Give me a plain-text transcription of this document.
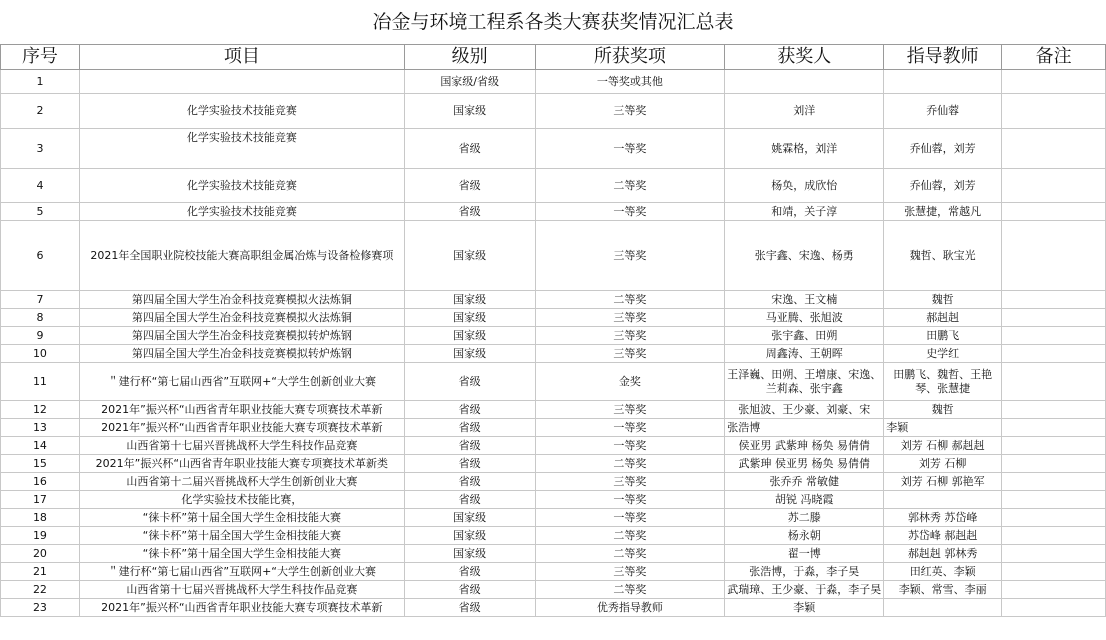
冶金与环境工程系各类大赛获奖情况汇总表
序号	项目	级别	所获奖项	获奖人	指导教师	备注
1		国家级/省级	一等奖或其他			
2	化学实验技术技能竞赛	国家级	三等奖	刘洋	乔仙蓉	
3	化学实验技术技能竞赛	省级	一等奖	姚霖格，刘洋	乔仙蓉，刘芳	
4	化学实验技术技能竞赛	省级	二等奖	杨奂，成欣怡	乔仙蓉，刘芳	
5	化学实验技术技能竞赛	省级	一等奖	和靖，关子淳	张慧捷，常越凡	
6	2021年全国职业院校技能大赛高职组金属冶炼与设备检修赛项	国家级	三等奖	张宇鑫、宋逸、杨勇	魏哲、耿宝光	
7	第四届全国大学生冶金科技竞赛模拟火法炼铜	国家级	二等奖	宋逸、王文楠	魏哲	
8	第四届全国大学生冶金科技竞赛模拟火法炼铜	国家级	三等奖	马亚腾、张旭波	郝赳赳	
9	第四届全国大学生冶金科技竞赛模拟转炉炼钢	国家级	三等奖	张宇鑫、田朔	田鹏飞	
10	第四届全国大学生冶金科技竞赛模拟转炉炼钢	国家级	三等奖	周鑫涛、王朝晖	史学红	
11	＂建行杯“第七届山西省”互联网+“大学生创新创业大赛	省级	金奖	王泽巍、田朔、王增康、宋逸、兰莉森、张宇鑫	田鹏飞、魏哲、王艳琴、张慧捷	
12	2021年”振兴杯“山西省青年职业技能大赛专项赛技术革新	省级	三等奖	张旭波、王少豪、刘豪、宋	魏哲	
13	2021年”振兴杯“山西省青年职业技能大赛专项赛技术革新	省级	一等奖	张浩博	李颖	
14	山西省第十七届兴晋挑战杯大学生科技作品竞赛	省级	一等奖	侯亚男 武紫珅 杨奂 易倩倩	刘芳 石柳 郝赳赳	
15	2021年”振兴杯“山西省青年职业技能大赛专项赛技术革新类	省级	二等奖	武紫珅 侯亚男 杨奂 易倩倩	刘芳 石柳	
16	山西省第十二届兴晋挑战杯大学生创新创业大赛	省级	三等奖	张乔乔 常敏健	刘芳 石柳 郭艳军	
17	化学实验技术技能比赛，	省级	一等奖	胡锐 冯晓霞		
18	“徕卡杯”第十届全国大学生金相技能大赛	国家级	一等奖	苏二滕	郭林秀 苏岱峰	
19	“徕卡杯”第十届全国大学生金相技能大赛	国家级	二等奖	杨永朝	苏岱峰 郝赳赳	
20	“徕卡杯”第十届全国大学生金相技能大赛	国家级	二等奖	翟一博	郝赳赳 郭林秀	
21	＂建行杯“第七届山西省”互联网+“大学生创新创业大赛	省级	三等奖	张浩博，于淼，李子昊	田红英、李颖	
22	山西省第十七届兴晋挑战杯大学生科技作品竞赛	省级	二等奖	武瑞璋、王少豪、于淼，李子昊	李颖、常雪、李丽	
23	2021年”振兴杯“山西省青年职业技能大赛专项赛技术革新	省级	优秀指导教师	李颖		
